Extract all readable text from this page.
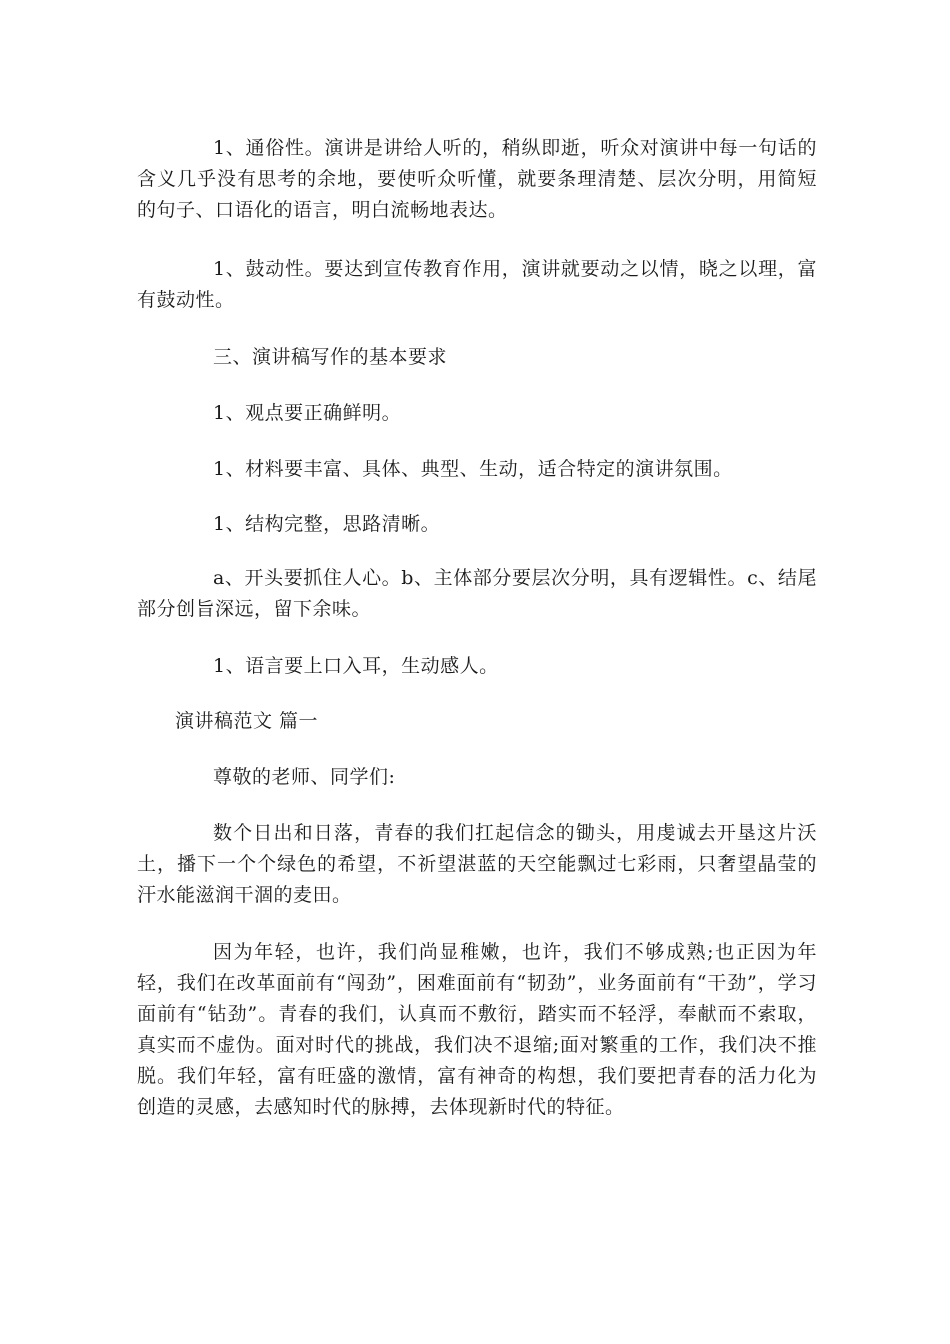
1、通俗性。演讲是讲给人听的，稍纵即逝，听众对演讲中每一句话的含义几乎没有思考的余地，要使听众听懂，就要条理清楚、层次分明，用简短的句子、口语化的语言，明白流畅地表达。

1、鼓动性。要达到宣传教育作用，演讲就要动之以情，晓之以理，富有鼓动性。

三、演讲稿写作的基本要求

1、观点要正确鲜明。

1、材料要丰富、具体、典型、生动，适合特定的演讲氛围。

1、结构完整，思路清晰。

a、开头要抓住人心。b、主体部分要层次分明，具有逻辑性。c、结尾部分创旨深远，留下余味。

1、语言要上口入耳，生动感人。

演讲稿范文 篇一

尊敬的老师、同学们:

数个日出和日落，青春的我们扛起信念的锄头，用虔诚去开垦这片沃土，播下一个个绿色的希望，不祈望湛蓝的天空能飘过七彩雨，只奢望晶莹的汗水能滋润干涸的麦田。

因为年轻，也许，我们尚显稚嫩，也许，我们不够成熟;也正因为年轻，我们在改革面前有“闯劲”，困难面前有“韧劲”，业务面前有“干劲”，学习面前有“钻劲”。青春的我们，认真而不敷衍，踏实而不轻浮，奉献而不索取，真实而不虚伪。面对时代的挑战，我们决不退缩;面对繁重的工作，我们决不推脱。我们年轻，富有旺盛的激情，富有神奇的构想，我们要把青春的活力化为创造的灵感，去感知时代的脉搏，去体现新时代的特征。
